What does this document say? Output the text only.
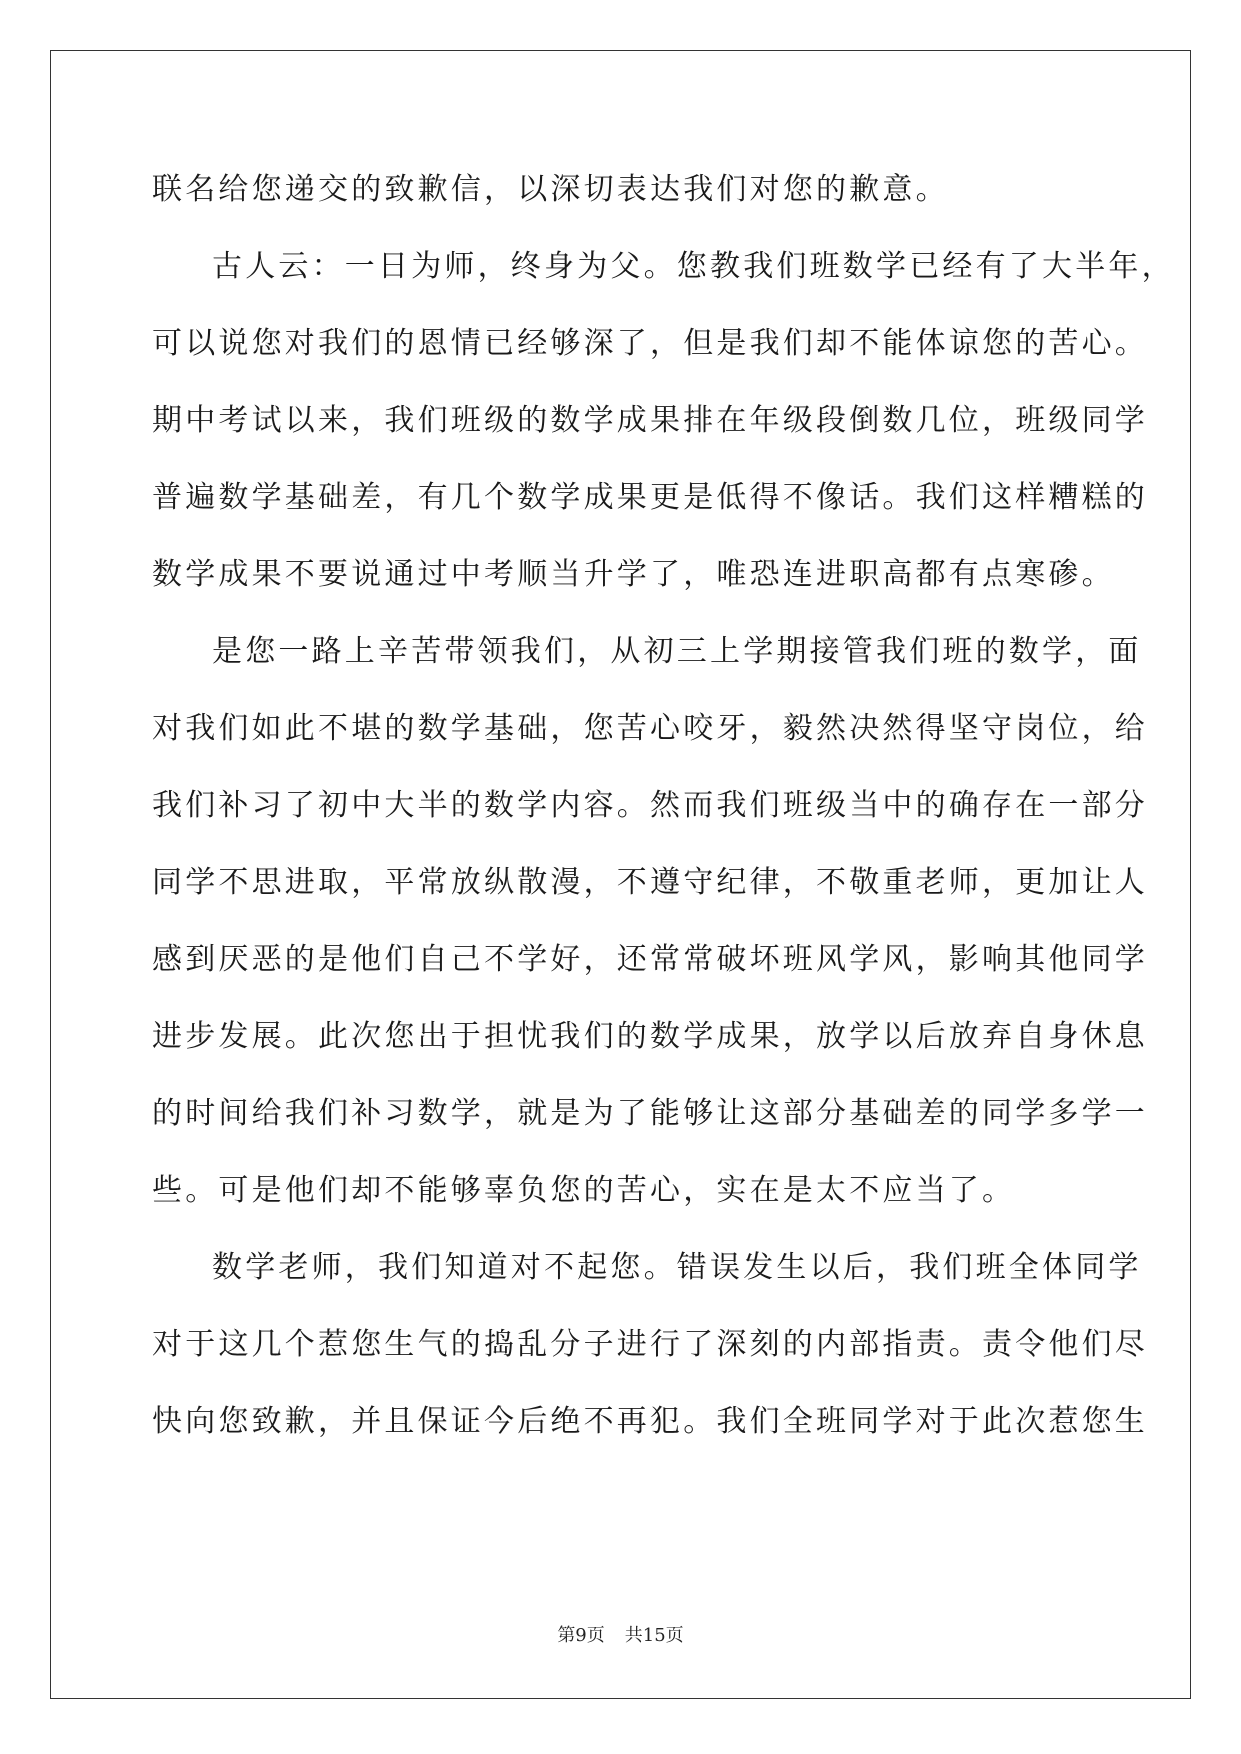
联名给您递交的致歉信，以深切表达我们对您的歉意。
古人云：一日为师，终身为父。您教我们班数学已经有了大半年，
可以说您对我们的恩情已经够深了，但是我们却不能体谅您的苦心。
期中考试以来，我们班级的数学成果排在年级段倒数几位，班级同学
普遍数学基础差，有几个数学成果更是低得不像话。我们这样糟糕的
数学成果不要说通过中考顺当升学了，唯恐连进职高都有点寒碜。
是您一路上辛苦带领我们，从初三上学期接管我们班的数学，面
对我们如此不堪的数学基础，您苦心咬牙，毅然决然得坚守岗位，给
我们补习了初中大半的数学内容。然而我们班级当中的确存在一部分
同学不思进取，平常放纵散漫，不遵守纪律，不敬重老师，更加让人
感到厌恶的是他们自己不学好，还常常破坏班风学风，影响其他同学
进步发展。此次您出于担忧我们的数学成果，放学以后放弃自身休息
的时间给我们补习数学，就是为了能够让这部分基础差的同学多学一
些。可是他们却不能够辜负您的苦心，实在是太不应当了。
数学老师，我们知道对不起您。错误发生以后，我们班全体同学
对于这几个惹您生气的捣乱分子进行了深刻的内部指责。责令他们尽
快向您致歉，并且保证今后绝不再犯。我们全班同学对于此次惹您生
第9页 共15页
